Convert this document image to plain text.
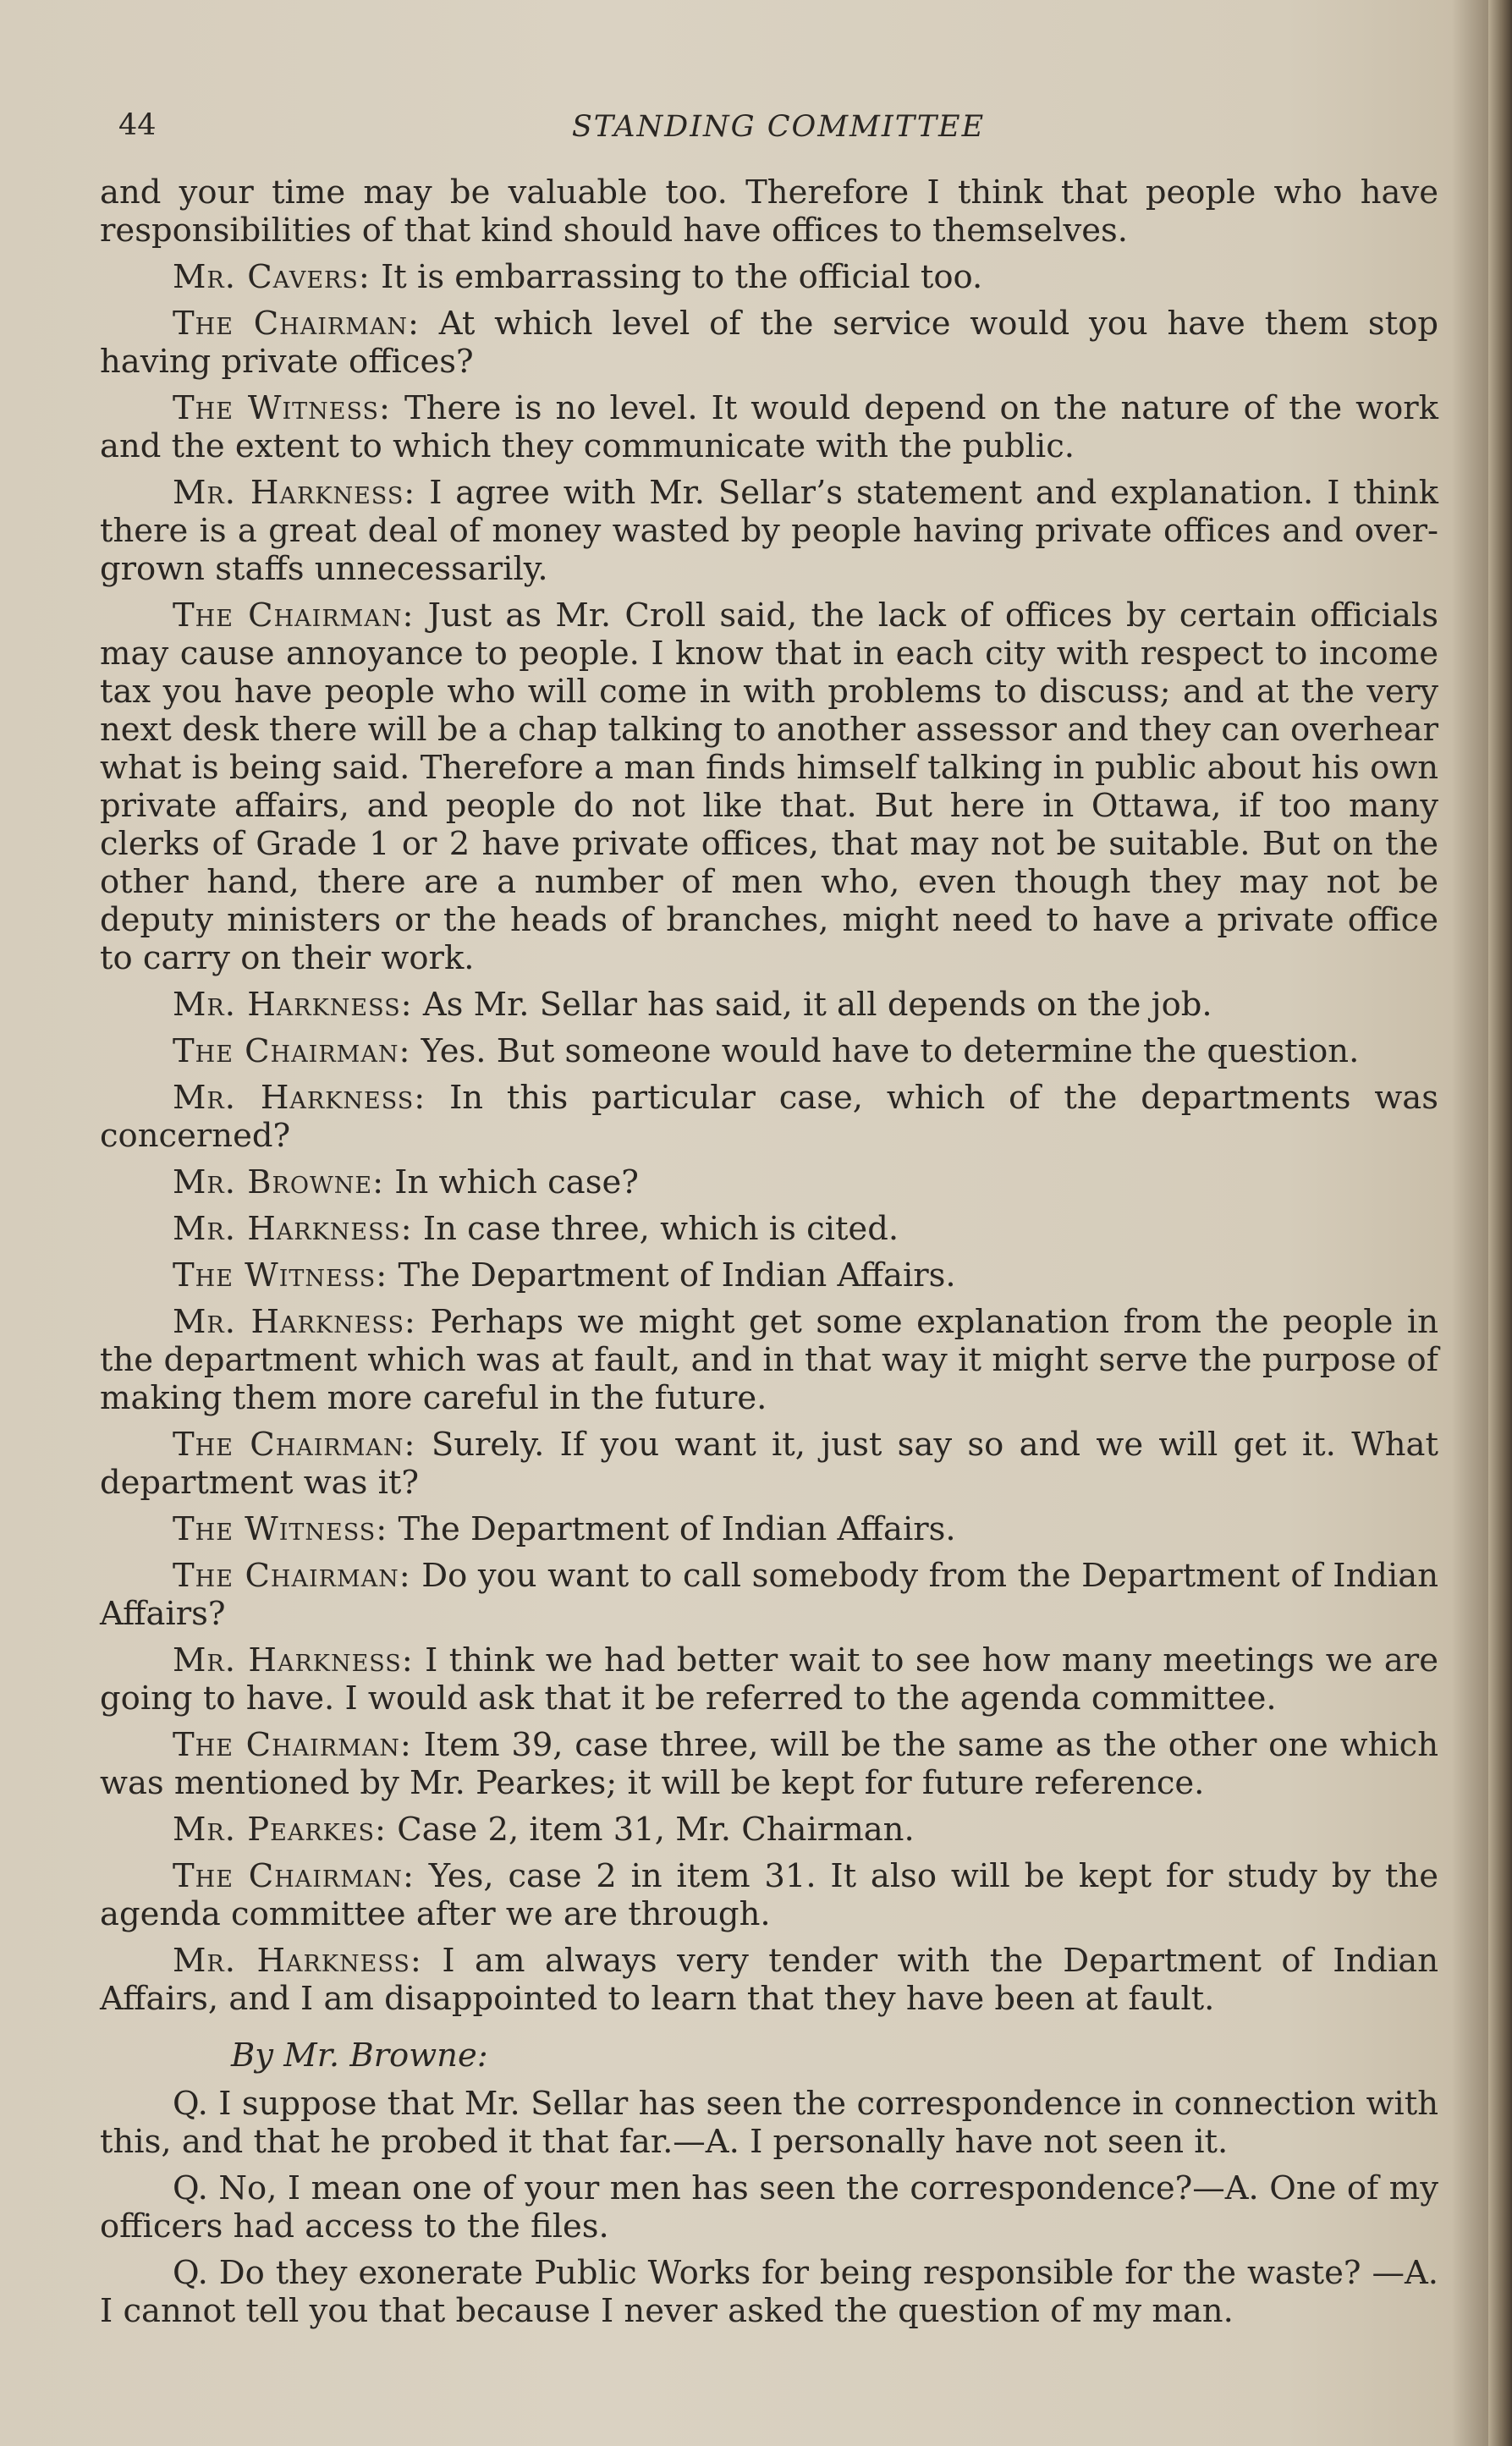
44	STANDING COMMITTEE

and your time may be valuable too. Therefore I think that people who have responsibilities of that kind should have offices to themselves.

Mr. Cavers: It is embarrassing to the official too.

The Chairman: At which level of the service would you have them stop having private offices?

The Witness: There is no level. It would depend on the nature of the work and the extent to which they communicate with the public.

Mr. Harkness: I agree with Mr. Sellar’s statement and explanation. I think there is a great deal of money wasted by people having private offices and over-grown staffs unnecessarily.

The Chairman: Just as Mr. Croll said, the lack of offices by certain officials may cause annoyance to people. I know that in each city with respect to income tax you have people who will come in with problems to discuss; and at the very next desk there will be a chap talking to another assessor and they can overhear what is being said. Therefore a man finds himself talking in public about his own private affairs, and people do not like that. But here in Ottawa, if too many clerks of Grade 1 or 2 have private offices, that may not be suitable. But on the other hand, there are a number of men who, even though they may not be deputy ministers or the heads of branches, might need to have a private office to carry on their work.

Mr. Harkness: As Mr. Sellar has said, it all depends on the job.

The Chairman: Yes. But someone would have to determine the question.

Mr. Harkness: In this particular case, which of the departments was concerned?

Mr. Browne: In which case?

Mr. Harkness: In case three, which is cited.

The Witness: The Department of Indian Affairs.

Mr. Harkness: Perhaps we might get some explanation from the people in the department which was at fault, and in that way it might serve the purpose of making them more careful in the future.

The Chairman: Surely. If you want it, just say so and we will get it. What department was it?

The Witness: The Department of Indian Affairs.

The Chairman: Do you want to call somebody from the Department of Indian Affairs?

Mr. Harkness: I think we had better wait to see how many meetings we are going to have. I would ask that it be referred to the agenda committee.

The Chairman: Item 39, case three, will be the same as the other one which was mentioned by Mr. Pearkes; it will be kept for future reference.

Mr. Pearkes: Case 2, item 31, Mr. Chairman.

The Chairman: Yes, case 2 in item 31. It also will be kept for study by the agenda committee after we are through.

Mr. Harkness: I am always very tender with the Department of Indian Affairs, and I am disappointed to learn that they have been at fault.

By Mr. Browne:

Q. I suppose that Mr. Sellar has seen the correspondence in connection with this, and that he probed it that far.—A. I personally have not seen it.

Q. No, I mean one of your men has seen the correspondence?—A. One of my officers had access to the files.

Q. Do they exonerate Public Works for being responsible for the waste? —A. I cannot tell you that because I never asked the question of my man.
